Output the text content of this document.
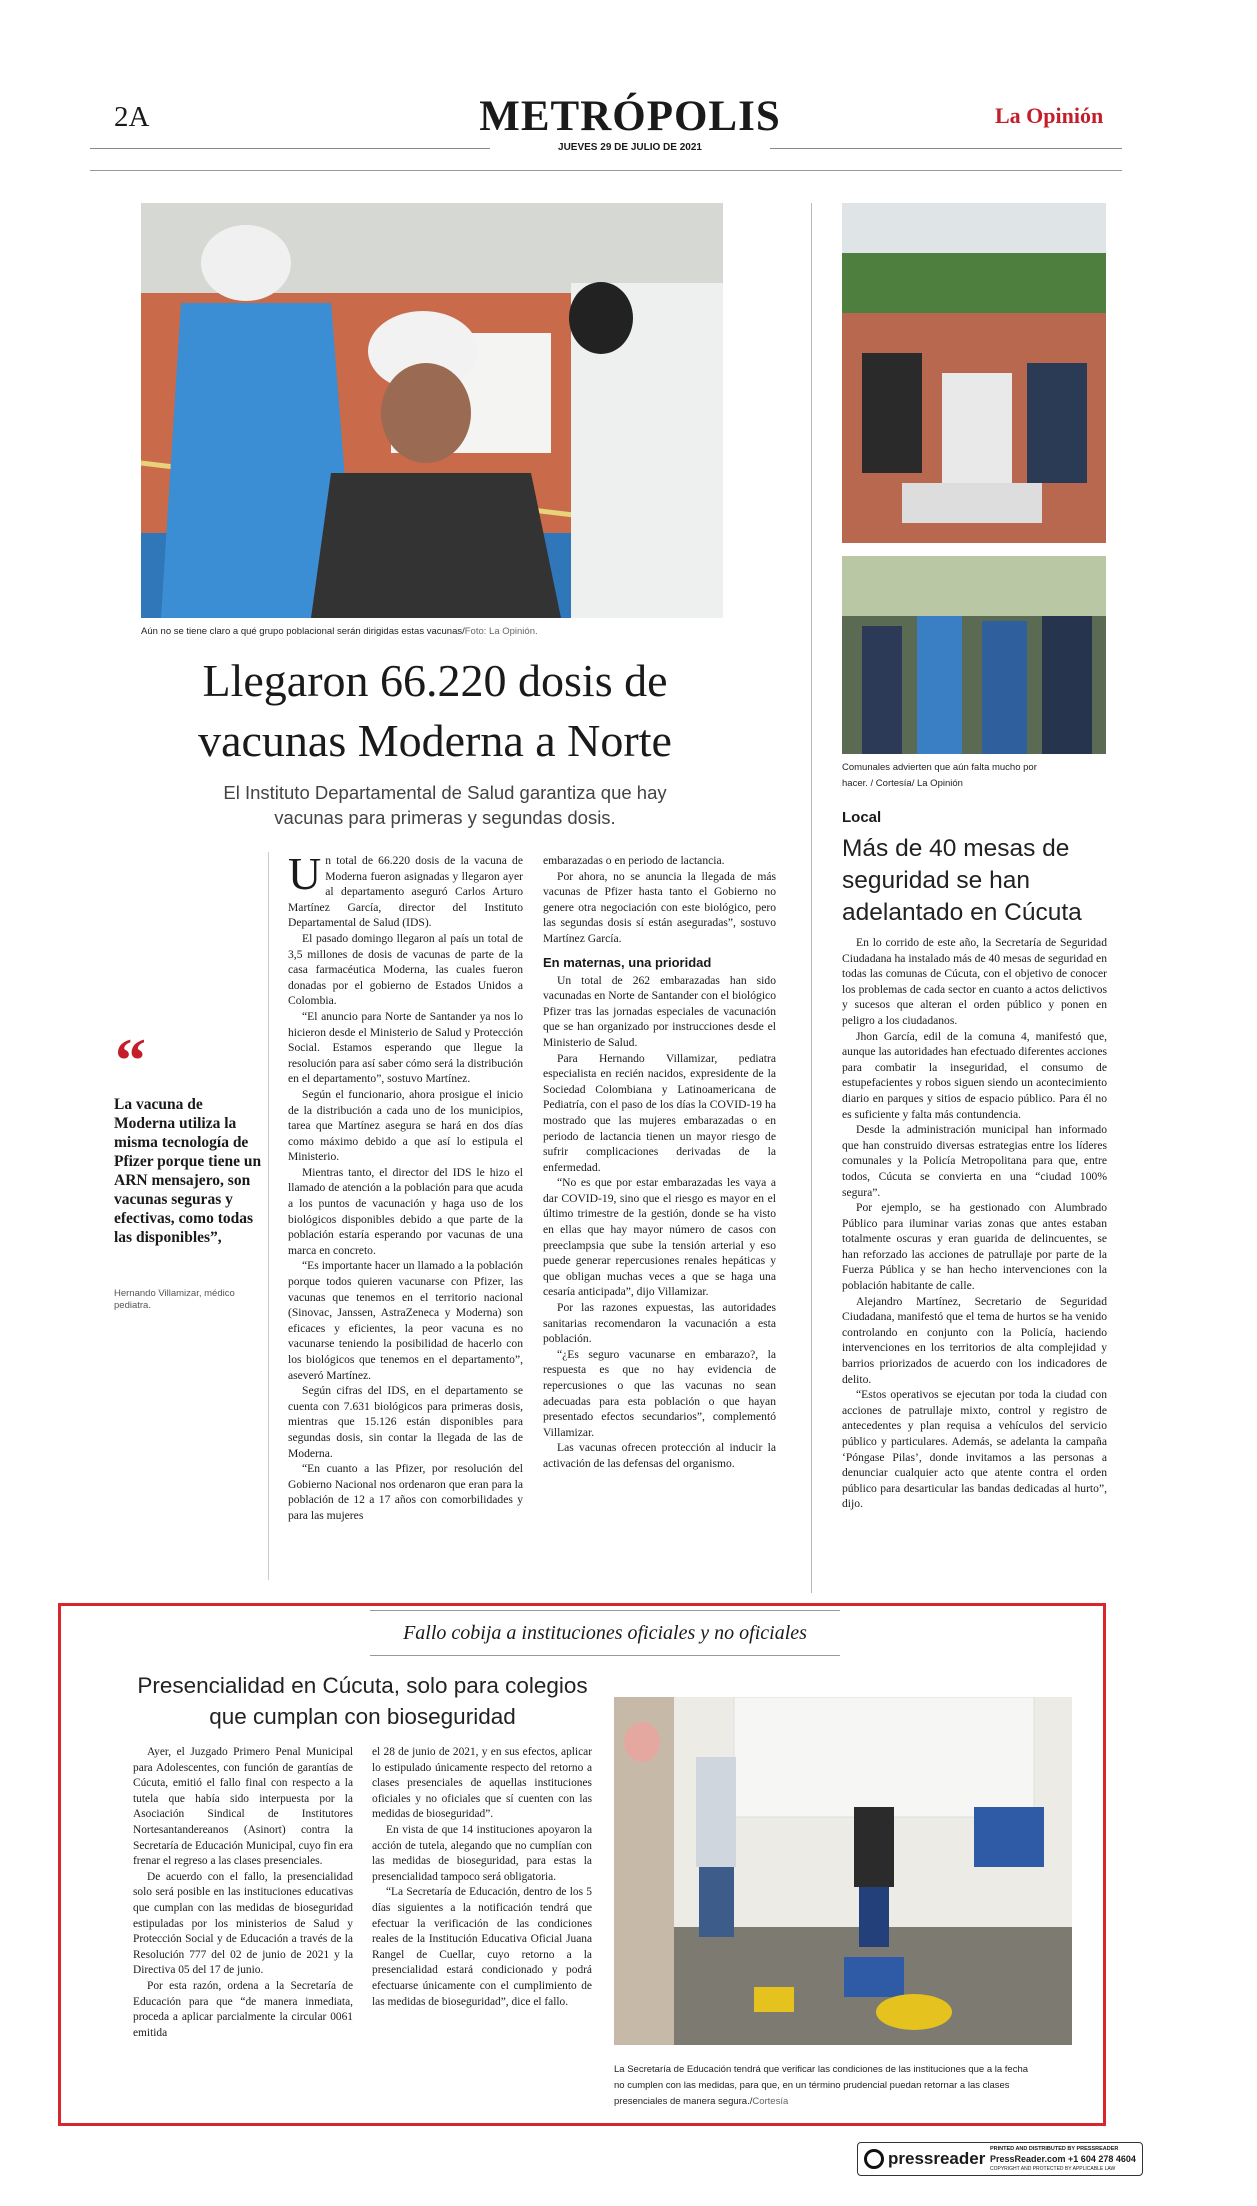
2A	METRÓPOLIS	La Opinión
JUEVES 29 DE JULIO DE 2021
Aún no se tiene claro a qué grupo poblacional serán dirigidas estas vacunas/Foto: La Opinión.
Llegaron 66.220 dosis de vacunas Moderna a Norte
El Instituto Departamental de Salud garantiza que hay vacunas para primeras y segundas dosis.
“
La vacuna de Moderna utiliza la misma tecnología de Pfizer porque tiene un ARN mensajero, son vacunas seguras y efectivas, como todas las disponibles”,
Hernando Villamizar, médico pediatra.

Un total de 66.220 dosis de la vacuna de Moderna fueron asignadas y llegaron ayer al departamento aseguró Carlos Arturo Martínez García, director del Instituto Departamental de Salud (IDS).

El pasado domingo llegaron al país un total de 3,5 millones de dosis de vacunas de parte de la casa farmacéutica Moderna, las cuales fueron donadas por el gobierno de Estados Unidos a Colombia.

“El anuncio para Norte de Santander ya nos lo hicieron desde el Ministerio de Salud y Protección Social. Estamos esperando que llegue la resolución para así saber cómo será la distribución en el departamento”, sostuvo Martínez.

Según el funcionario, ahora prosigue el inicio de la distribución a cada uno de los municipios, tarea que Martínez asegura se hará en dos días como máximo debido a que así lo estipula el Ministerio.

Mientras tanto, el director del IDS le hizo el llamado de atención a la población para que acuda a los puntos de vacunación y haga uso de los biológicos disponibles debido a que parte de la población estaría esperando por vacunas de una marca en concreto.

“Es importante hacer un llamado a la población porque todos quieren vacunarse con Pfizer, las vacunas que tenemos en el territorio nacional (Sinovac, Janssen, AstraZeneca y Moderna) son eficaces y eficientes, la peor vacuna es no vacunarse teniendo la posibilidad de hacerlo con los biológicos que tenemos en el departamento”, aseveró Martínez.

Según cifras del IDS, en el departamento se cuenta con 7.631 biológicos para primeras dosis, mientras que 15.126 están disponibles para segundas dosis, sin contar la llegada de las de Moderna.

“En cuanto a las Pfizer, por resolución del Gobierno Nacional nos ordenaron que eran para la población de 12 a 17 años con comorbilidades y para las mujeres

embarazadas o en periodo de lactancia.

Por ahora, no se anuncia la llegada de más vacunas de Pfizer hasta tanto el Gobierno no genere otra negociación con este biológico, pero las segundas dosis sí están aseguradas”, sostuvo Martínez García.

En maternas, una prioridad

Un total de 262 embarazadas han sido vacunadas en Norte de Santander con el biológico Pfizer tras las jornadas especiales de vacunación que se han organizado por instrucciones desde el Ministerio de Salud.

Para Hernando Villamizar, pediatra especialista en recién nacidos, expresidente de la Sociedad Colombiana y Latinoamericana de Pediatría, con el paso de los días la COVID-19 ha mostrado que las mujeres embarazadas o en periodo de lactancia tienen un mayor riesgo de sufrir complicaciones derivadas de la enfermedad.

“No es que por estar embarazadas les vaya a dar COVID-19, sino que el riesgo es mayor en el último trimestre de la gestión, donde se ha visto en ellas que hay mayor número de casos con preeclampsia que sube la tensión arterial y eso puede generar repercusiones renales hepáticas y que obligan muchas veces a que se haga una cesaría anticipada”, dijo Villamizar.

Por las razones expuestas, las autoridades sanitarias recomendaron la vacunación a esta población.

“¿Es seguro vacunarse en embarazo?, la respuesta es que no hay evidencia de repercusiones o que las vacunas no sean adecuadas para esta población o que hayan presentado efectos secundarios”, complementó Villamizar.

Las vacunas ofrecen protección al inducir la activación de las defensas del organismo.

Comunales advierten que aún falta mucho por hacer. / Cortesía/ La Opinión
Local
Más de 40 mesas de seguridad se han adelantado en Cúcuta

En lo corrido de este año, la Secretaría de Seguridad Ciudadana ha instalado más de 40 mesas de seguridad en todas las comunas de Cúcuta, con el objetivo de conocer los problemas de cada sector en cuanto a actos delictivos y sucesos que alteran el orden público y ponen en peligro a los ciudadanos.

Jhon García, edil de la comuna 4, manifestó que, aunque las autoridades han efectuado diferentes acciones para combatir la inseguridad, el consumo de estupefacientes y robos siguen siendo un acontecimiento diario en parques y sitios de espacio público. Para él no es suficiente y falta más contundencia.

Desde la administración municipal han informado que han construido diversas estrategias entre los líderes comunales y la Policía Metropolitana para que, entre todos, Cúcuta se convierta en una “ciudad 100% segura”.

Por ejemplo, se ha gestionado con Alumbrado Público para iluminar varias zonas que antes estaban totalmente oscuras y eran guarida de delincuentes, se han reforzado las acciones de patrullaje por parte de la Fuerza Pública y se han hecho intervenciones con la población habitante de calle.

Alejandro Martínez, Secretario de Seguridad Ciudadana, manifestó que el tema de hurtos se ha venido controlando en conjunto con la Policía, haciendo intervenciones en los territorios de alta complejidad y barrios priorizados de acuerdo con los indicadores de delito.

“Estos operativos se ejecutan por toda la ciudad con acciones de patrullaje mixto, control y registro de antecedentes y plan requisa a vehículos del servicio público y particulares. Además, se adelanta la campaña ‘Póngase Pilas’, donde invitamos a las personas a denunciar cualquier acto que atente contra el orden público para desarticular las bandas dedicadas al hurto”, dijo.

Fallo cobija a instituciones oficiales y no oficiales
Presencialidad en Cúcuta, solo para colegios que cumplan con bioseguridad

Ayer, el Juzgado Primero Penal Municipal para Adolescentes, con función de garantías de Cúcuta, emitió el fallo final con respecto a la tutela que había sido interpuesta por la Asociación Sindical de Institutores Nortesantandereanos (Asinort) contra la Secretaría de Educación Municipal, cuyo fin era frenar el regreso a las clases presenciales.

De acuerdo con el fallo, la presencialidad solo será posible en las instituciones educativas que cumplan con las medidas de bioseguridad estipuladas por los ministerios de Salud y Protección Social y de Educación a través de la Resolución 777 del 02 de junio de 2021 y la Directiva 05 del 17 de junio.

Por esta razón, ordena a la Secretaría de Educación para que “de manera inmediata, proceda a aplicar parcialmente la circular 0061 emitida

el 28 de junio de 2021, y en sus efectos, aplicar lo estipulado únicamente respecto del retorno a clases presenciales de aquellas instituciones oficiales y no oficiales que sí cuenten con las medidas de bioseguridad”.

En vista de que 14 instituciones apoyaron la acción de tutela, alegando que no cumplían con las medidas de bioseguridad, para estas la presencialidad tampoco será obligatoria.

“La Secretaría de Educación, dentro de los 5 días siguientes a la notificación tendrá que efectuar la verificación de las condiciones reales de la Institución Educativa Oficial Juana Rangel de Cuellar, cuyo retorno a la presencialidad estará condicionado y podrá efectuarse únicamente con el cumplimiento de las medidas de bioseguridad”, dice el fallo.

La Secretaría de Educación tendrá que verificar las condiciones de las instituciones que a la fecha no cumplen con las medidas, para que, en un término prudencial puedan retornar a las clases presenciales de manera segura./Cortesía
pressreader PRINTED AND DISTRIBUTED BY PRESSREADER
PressReader.com +1 604 278 4604
COPYRIGHT AND PROTECTED BY APPLICABLE LAW
